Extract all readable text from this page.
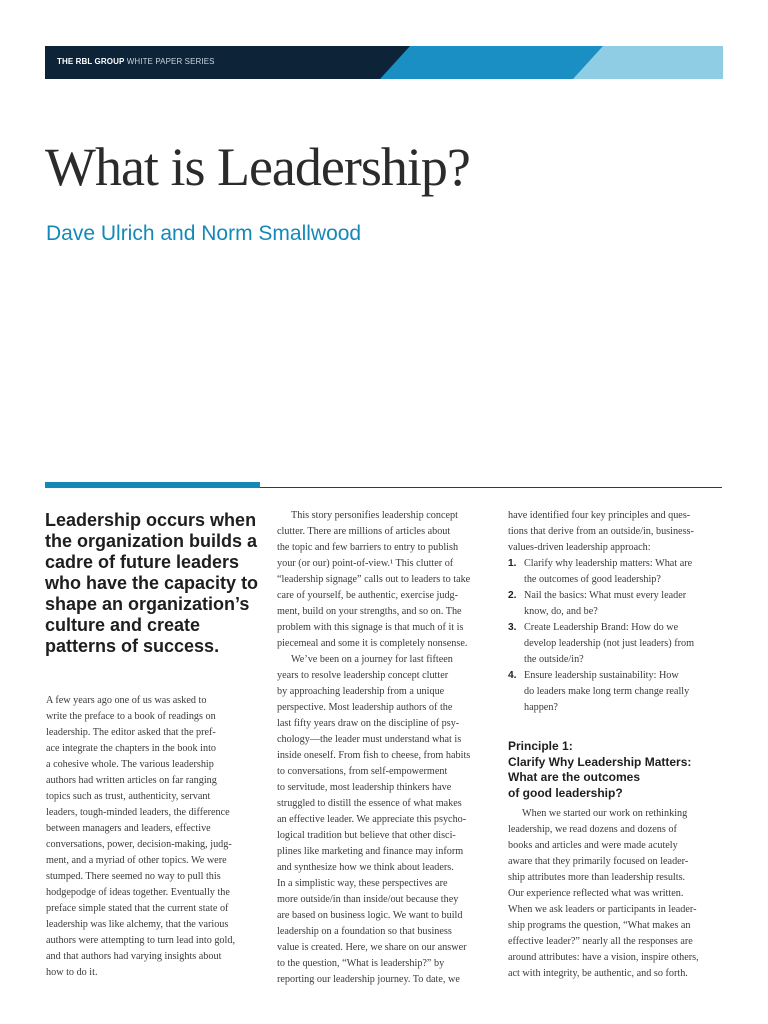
THE RBL GROUP WHITE PAPER SERIES
What is Leadership?
Dave Ulrich and Norm Smallwood

Leadership occurs when the organization builds a cadre of future leaders who have the capacity to shape an organization’s culture and create patterns of success.

A few years ago one of us was asked to
write the preface to a book of readings on
leadership. The editor asked that the pref-
ace integrate the chapters in the book into
a cohesive whole. The various leadership
authors had written articles on far ranging
topics such as trust, authenticity, servant
leaders, tough-minded leaders, the difference
between managers and leaders, effective
conversations, power, decision-making, judg-
ment, and a myriad of other topics. We were
stumped. There seemed no way to pull this
hodgepodge of ideas together. Eventually the
preface simple stated that the current state of
leadership was like alchemy, that the various
authors were attempting to turn lead into gold,
and that authors had varying insights about
how to do it.
This story personifies leadership concept
clutter. There are millions of articles about
the topic and few barriers to entry to publish
your (or our) point-of-view.¹ This clutter of
“leadership signage” calls out to leaders to take
care of yourself, be authentic, exercise judg-
ment, build on your strengths, and so on. The
problem with this signage is that much of it is
piecemeal and some it is completely nonsense.
We’ve been on a journey for last fifteen
years to resolve leadership concept clutter
by approaching leadership from a unique
perspective. Most leadership authors of the
last fifty years draw on the discipline of psy-
chology—the leader must understand what is
inside oneself. From fish to cheese, from habits
to conversations, from self-empowerment
to servitude, most leadership thinkers have
struggled to distill the essence of what makes
an effective leader. We appreciate this psycho-
logical tradition but believe that other disci-
plines like marketing and finance may inform
and synthesize how we think about leaders.
In a simplistic way, these perspectives are
more outside/in than inside/out because they
are based on business logic. We want to build
leadership on a foundation so that business
value is created. Here, we share on our answer
to the question, “What is leadership?” by
reporting our leadership journey. To date, we
have identified four key principles and ques-
tions that derive from an outside/in, business-
values-driven leadership approach:
1. Clarify why leadership matters: What are
the outcomes of good leadership?
2. Nail the basics: What must every leader
know, do, and be?
3. Create Leadership Brand: How do we
develop leadership (not just leaders) from
the outside/in?
4. Ensure leadership sustainability: How
do leaders make long term change really
happen?
Principle 1:
Clarify Why Leadership Matters:
What are the outcomes
of good leadership?
When we started our work on rethinking
leadership, we read dozens and dozens of
books and articles and were made acutely
aware that they primarily focused on leader-
ship attributes more than leadership results.
Our experience reflected what was written.
When we ask leaders or participants in leader-
ship programs the question, “What makes an
effective leader?” nearly all the responses are
around attributes: have a vision, inspire others,
act with integrity, be authentic, and so forth.
